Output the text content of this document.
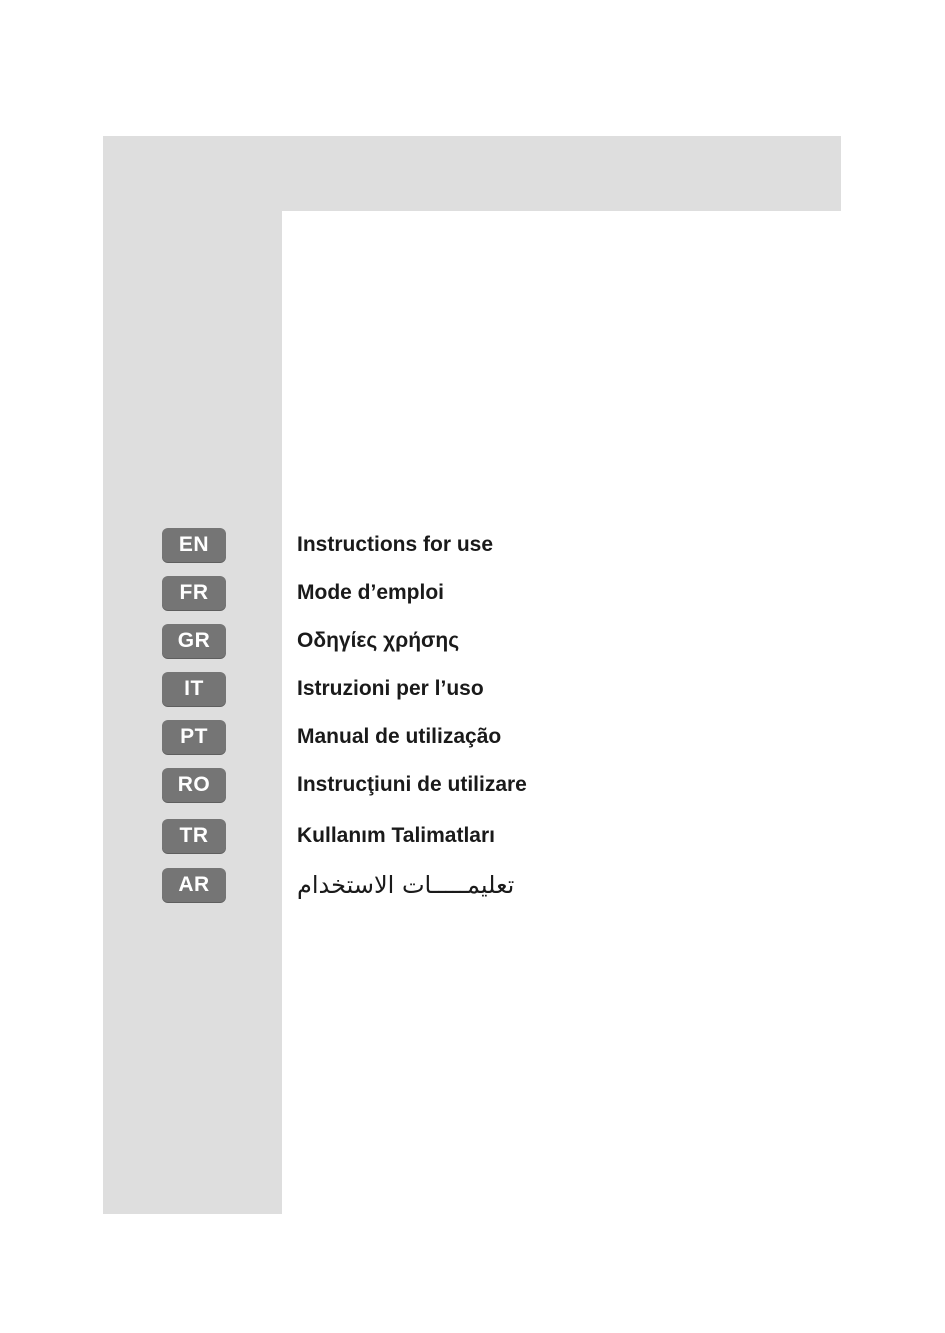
EN	Instructions for use
FR	Mode d’emploi
GR	Οδηγίες χρήσης
IT	Istruzioni per l’uso
PT	Manual de utilização
RO	Instrucţiuni de utilizare
TR	Kullanım Talimatları
AR	تعليمـــــات الاستخدام
